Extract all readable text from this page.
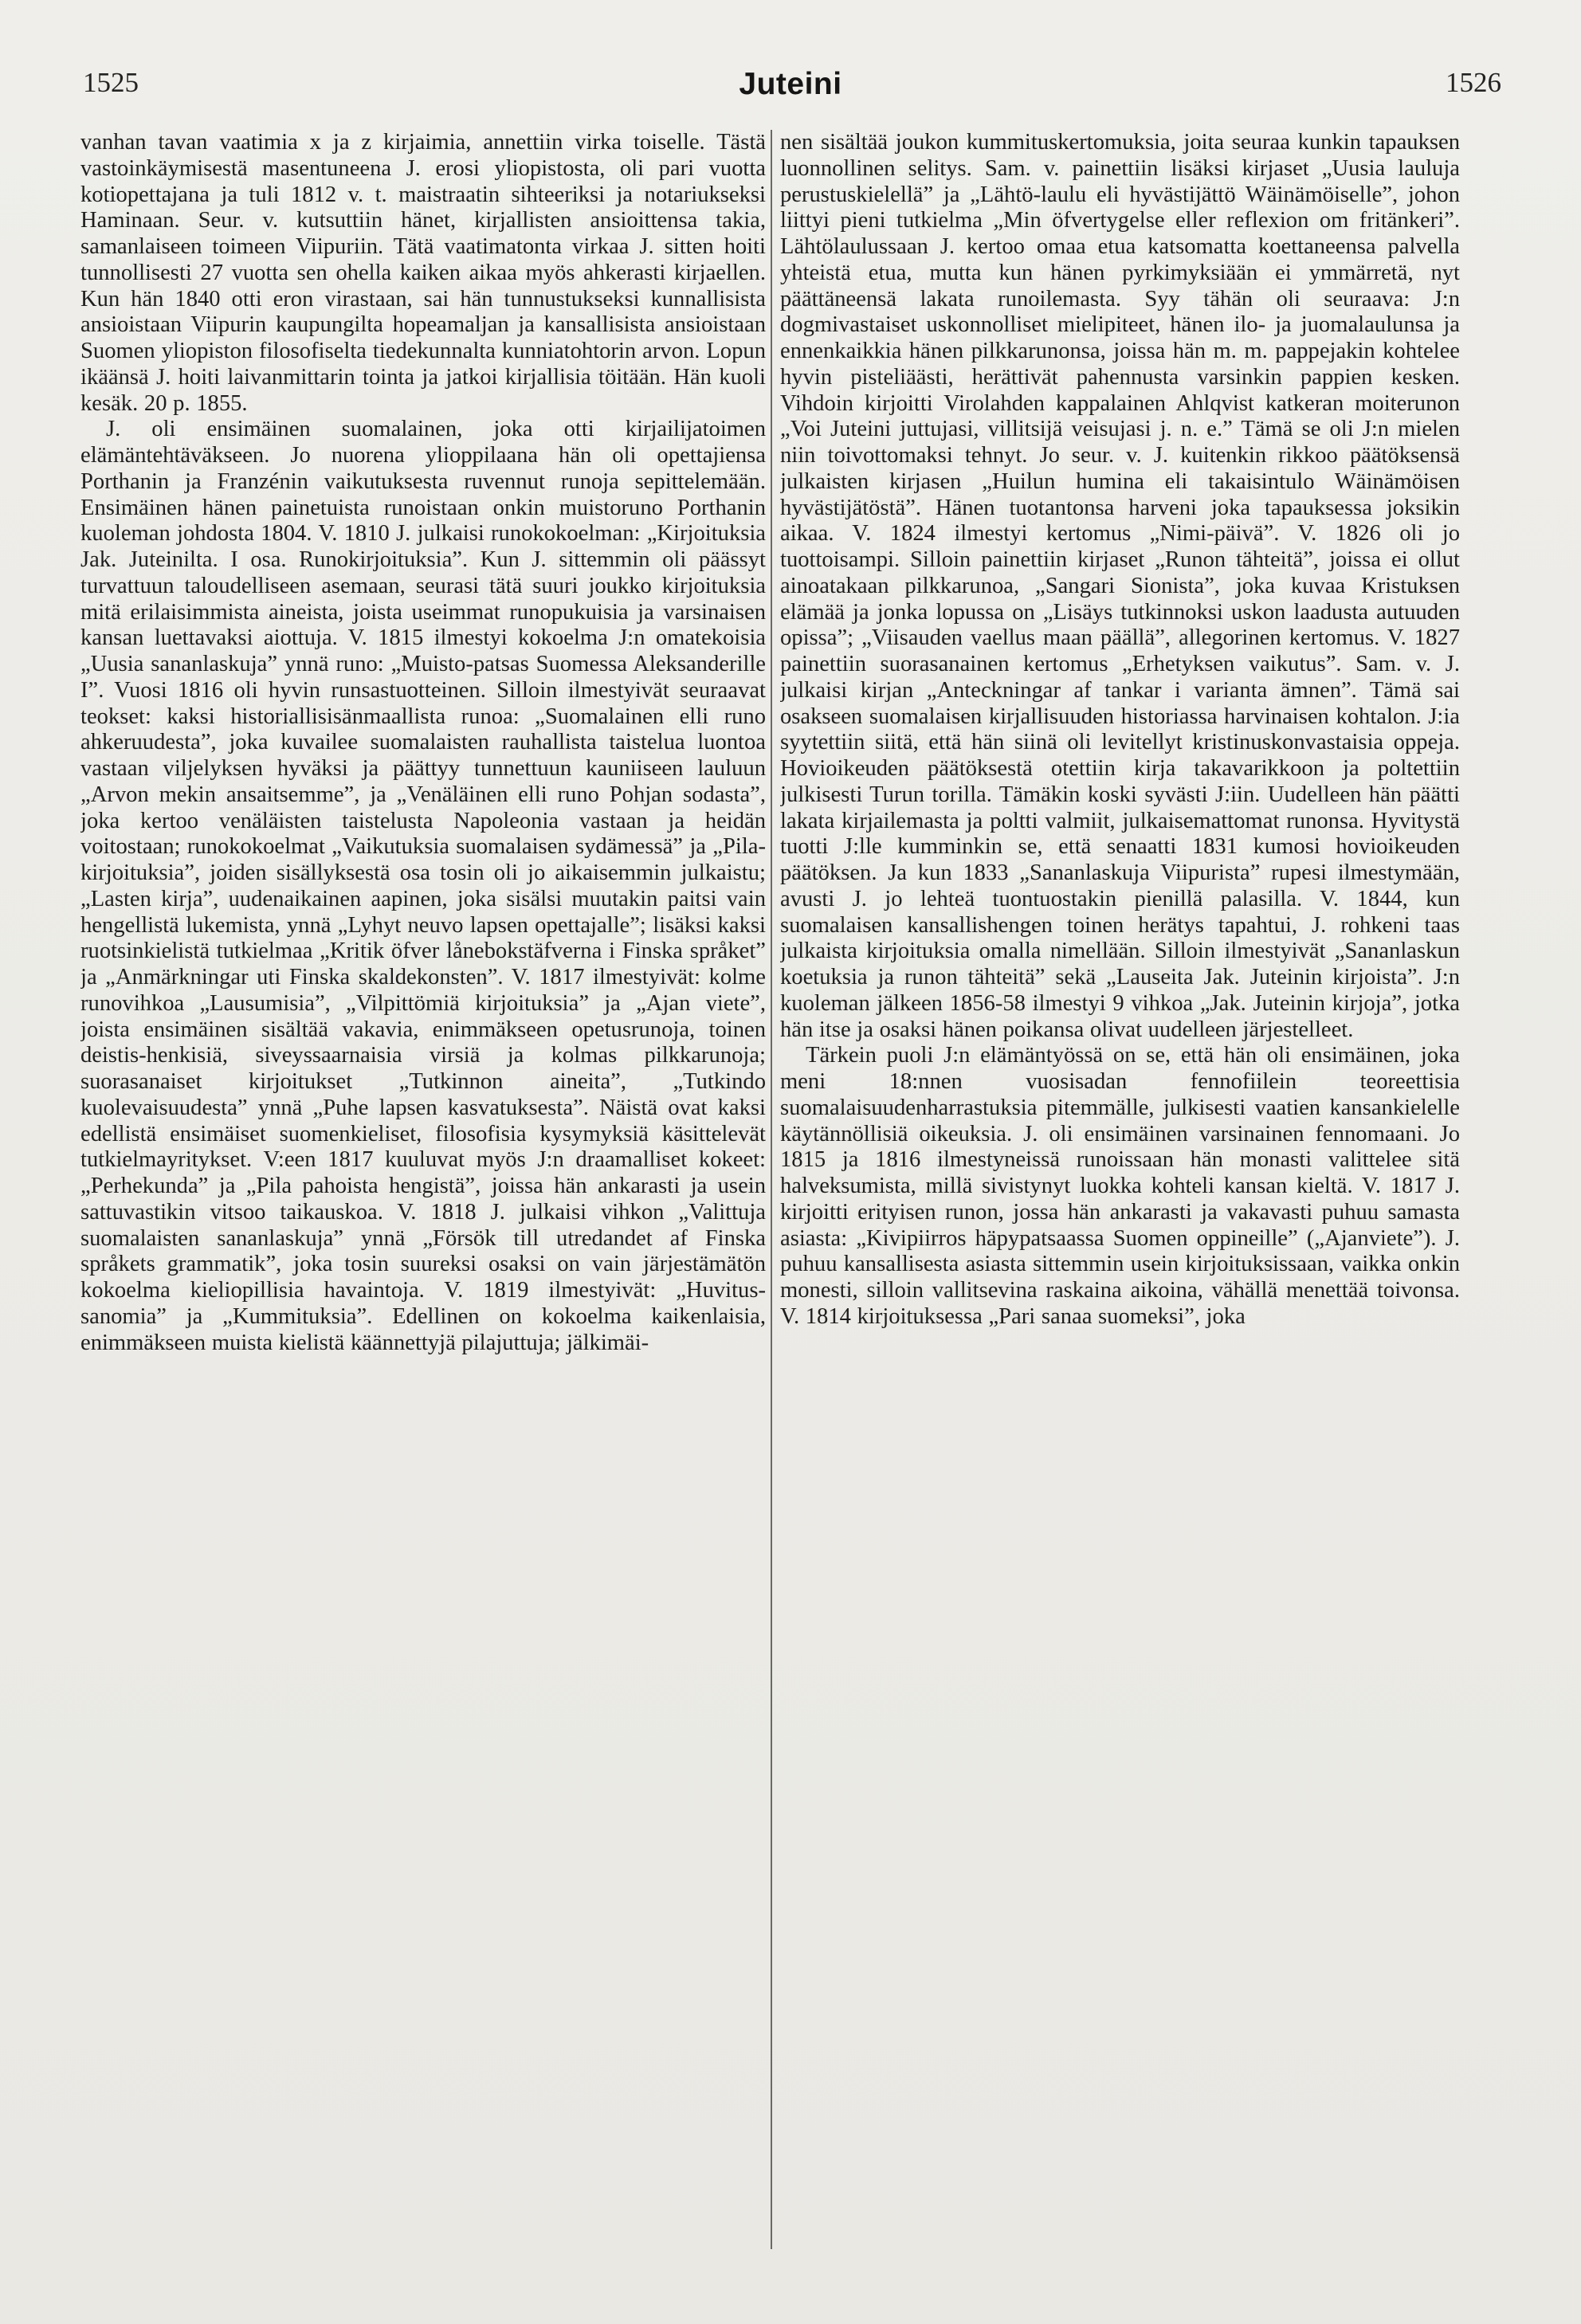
1525	Juteini	1526

vanhan tavan vaatimia x ja z kirjaimia, annettiin virka toiselle. Tästä vastoinkäymisestä masentuneena J. erosi yliopistosta, oli pari vuotta kotiopettajana ja tuli 1812 v. t. maistraatin sihteeriksi ja notariukseksi Haminaan. Seur. v. kutsuttiin hänet, kirjallisten ansioittensa takia, samanlaiseen toimeen Viipuriin. Tätä vaatimatonta virkaa J. sitten hoiti tunnollisesti 27 vuotta sen ohella kaiken aikaa myös ahkerasti kirjaellen. Kun hän 1840 otti eron virastaan, sai hän tunnustukseksi kunnallisista ansioistaan Viipurin kaupungilta hopeamaljan ja kansallisista ansioistaan Suomen yliopiston filosofiselta tiedekunnalta kunniatohtorin arvon. Lopun ikäänsä J. hoiti laivanmittarin tointa ja jatkoi kirjallisia töitään. Hän kuoli kesäk. 20 p. 1855.

J. oli ensimäinen suomalainen, joka otti kirjailijatoimen elämäntehtäväkseen. Jo nuorena ylioppilaana hän oli opettajiensa Porthanin ja Franzénin vaikutuksesta ruvennut runoja sepittelemään. Ensimäinen hänen painetuista runoistaan onkin muistoruno Porthanin kuoleman johdosta 1804. V. 1810 J. julkaisi runokokoelman: „Kirjoituksia Jak. Juteinilta. I osa. Runokirjoituksia”. Kun J. sittemmin oli päässyt turvattuun taloudelliseen asemaan, seurasi tätä suuri joukko kirjoituksia mitä erilaisimmista aineista, joista useimmat runopukuisia ja varsinaisen kansan luettavaksi aiottuja. V. 1815 ilmestyi kokoelma J:n omatekoisia „Uusia sananlaskuja” ynnä runo: „Muisto-patsas Suomessa Aleksanderille I”. Vuosi 1816 oli hyvin runsastuotteinen. Silloin ilmestyivät seuraavat teokset: kaksi historiallisisänmaallista runoa: „Suomalainen elli runo ahkeruudesta”, joka kuvailee suomalaisten rauhallista taistelua luontoa vastaan viljelyksen hyväksi ja päättyy tunnettuun kauniiseen lauluun „Arvon mekin ansaitsemme”, ja „Venäläinen elli runo Pohjan sodasta”, joka kertoo venäläisten taistelusta Napoleonia vastaan ja heidän voitostaan; runokokoelmat „Vaikutuksia suomalaisen sydämessä” ja „Pila-kirjoituksia”, joiden sisällyksestä osa tosin oli jo aikaisemmin julkaistu; „Lasten kirja”, uudenaikainen aapinen, joka sisälsi muutakin paitsi vain hengellistä lukemista, ynnä „Lyhyt neuvo lapsen opettajalle”; lisäksi kaksi ruotsinkielistä tutkielmaa „Kritik öfver lånebokstäfverna i Finska språket” ja „Anmärkningar uti Finska skaldekonsten”. V. 1817 ilmestyivät: kolme runovihkoa „Lausumisia”, „Vilpittömiä kirjoituksia” ja „Ajan viete”, joista ensimäinen sisältää vakavia, enimmäkseen opetusrunoja, toinen deistis-henkisiä, siveyssaarnaisia virsiä ja kolmas pilkkarunoja; suorasanaiset kirjoitukset „Tutkinnon aineita”, „Tutkindo kuolevaisuudesta” ynnä „Puhe lapsen kasvatuksesta”. Näistä ovat kaksi edellistä ensimäiset suomenkieliset, filosofisia kysymyksiä käsittelevät tutkielmayritykset. V:een 1817 kuuluvat myös J:n draamalliset kokeet: „Perhekunda” ja „Pila pahoista hengistä”, joissa hän ankarasti ja usein sattuvastikin vitsoo taikauskoa. V. 1818 J. julkaisi vihkon „Valittuja suomalaisten sananlaskuja” ynnä „Försök till utredandet af Finska språkets grammatik”, joka tosin suureksi osaksi on vain järjestämätön kokoelma kieliopillisia havaintoja. V. 1819 ilmestyivät: „Huvitus-sanomia” ja „Kummituksia”. Edellinen on kokoelma kaikenlaisia, enimmäkseen muista kielistä käännettyjä pilajuttuja; jälkimäi-

nen sisältää joukon kummituskertomuksia, joita seuraa kunkin tapauksen luonnollinen selitys. Sam. v. painettiin lisäksi kirjaset „Uusia lauluja perustuskielellä” ja „Lähtö-laulu eli hyvästijättö Wäinämöiselle”, johon liittyi pieni tutkielma „Min öfvertygelse eller reflexion om fritänkeri”. Lähtölaulussaan J. kertoo omaa etua katsomatta koettaneensa palvella yhteistä etua, mutta kun hänen pyrkimyksiään ei ymmärretä, nyt päättäneensä lakata runoilemasta. Syy tähän oli seuraava: J:n dogmivastaiset uskonnolliset mielipiteet, hänen ilo- ja juomalaulunsa ja ennenkaikkia hänen pilkkarunonsa, joissa hän m. m. pappejakin kohtelee hyvin pisteliäästi, herättivät pahennusta varsinkin pappien kesken. Vihdoin kirjoitti Virolahden kappalainen Ahlqvist katkeran moiterunon „Voi Juteini juttujasi, villitsijä veisujasi j. n. e.” Tämä se oli J:n mielen niin toivottomaksi tehnyt. Jo seur. v. J. kuitenkin rikkoo päätöksensä julkaisten kirjasen „Huilun humina eli takaisintulo Wäinämöisen hyvästijätöstä”. Hänen tuotantonsa harveni joka tapauksessa joksikin aikaa. V. 1824 ilmestyi kertomus „Nimi-päivä”. V. 1826 oli jo tuottoisampi. Silloin painettiin kirjaset „Runon tähteitä”, joissa ei ollut ainoatakaan pilkkarunoa, „Sangari Sionista”, joka kuvaa Kristuksen elämää ja jonka lopussa on „Lisäys tutkinnoksi uskon laadusta autuuden opissa”; „Viisauden vaellus maan päällä”, allegorinen kertomus. V. 1827 painettiin suorasanainen kertomus „Erhetyksen vaikutus”. Sam. v. J. julkaisi kirjan „Anteckningar af tankar i varianta ämnen”. Tämä sai osakseen suomalaisen kirjallisuuden historiassa harvinaisen kohtalon. J:ia syytettiin siitä, että hän siinä oli levitellyt kristinuskonvastaisia oppeja. Hovioikeuden päätöksestä otettiin kirja takavarikkoon ja poltettiin julkisesti Turun torilla. Tämäkin koski syvästi J:iin. Uudelleen hän päätti lakata kirjailemasta ja poltti valmiit, julkaisemattomat runonsa. Hyvitystä tuotti J:lle kumminkin se, että senaatti 1831 kumosi hovioikeuden päätöksen. Ja kun 1833 „Sananlaskuja Viipurista” rupesi ilmestymään, avusti J. jo lehteä tuontuostakin pienillä palasilla. V. 1844, kun suomalaisen kansallishengen toinen herätys tapahtui, J. rohkeni taas julkaista kirjoituksia omalla nimellään. Silloin ilmestyivät „Sananlaskun koetuksia ja runon tähteitä” sekä „Lauseita Jak. Juteinin kirjoista”. J:n kuoleman jälkeen 1856-58 ilmestyi 9 vihkoa „Jak. Juteinin kirjoja”, jotka hän itse ja osaksi hänen poikansa olivat uudelleen järjestelleet.

Tärkein puoli J:n elämäntyössä on se, että hän oli ensimäinen, joka meni 18:nnen vuosisadan fennofiilein teoreettisia suomalaisuudenharrastuksia pitemmälle, julkisesti vaatien kansankielelle käytännöllisiä oikeuksia. J. oli ensimäinen varsinainen fennomaani. Jo 1815 ja 1816 ilmestyneissä runoissaan hän monasti valittelee sitä halveksumista, millä sivistynyt luokka kohteli kansan kieltä. V. 1817 J. kirjoitti erityisen runon, jossa hän ankarasti ja vakavasti puhuu samasta asiasta: „Kivipiirros häpypatsaassa Suomen oppineille” („Ajanviete”). J. puhuu kansallisesta asiasta sittemmin usein kirjoituksissaan, vaikka onkin monesti, silloin vallitsevina raskaina aikoina, vähällä menettää toivonsa. V. 1814 kirjoituksessa „Pari sanaa suomeksi”, joka
